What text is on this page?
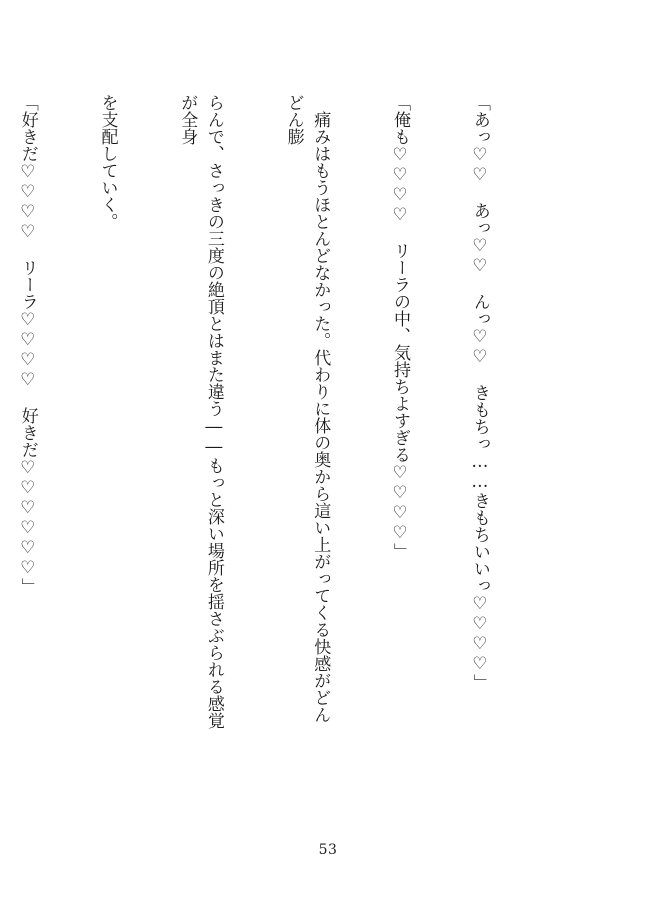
「あっ♡♡　あっ♡♡　んっ♡♡　きもちっ……きもちいいっ♡♡♡♡」

「俺も♡♡♡♡　リーラの中、気持ちよすぎる♡♡♡♡」

　痛みはもうほとんどなかった。代わりに体の奥から這い上がってくる快感がどんどん膨

らんで、さっきの三度の絶頂とはまた違う――もっと深い場所を揺さぶられる感覚が全身

を支配していく。

「好きだ♡♡♡♡　リーラ♡♡♡♡　好きだ♡♡♡♡♡♡」

53
